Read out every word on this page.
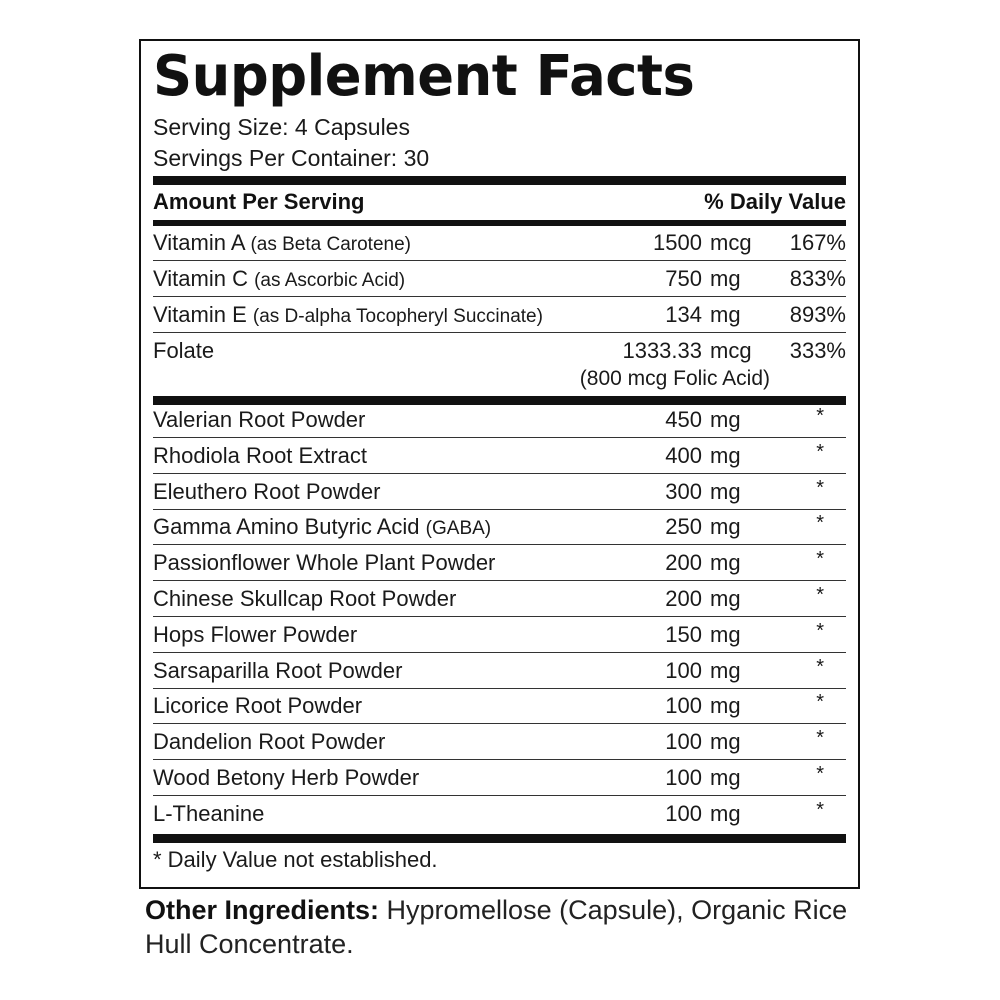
Supplement Facts
Serving Size: 4 Capsules
Servings Per Container: 30
Amount Per Serving	% Daily Value
Vitamin A (as Beta Carotene)	1500 mcg 167%
Vitamin C (as Ascorbic Acid)	750 mg	833%
Vitamin E (as D-alpha Tocopheryl Succinate)	134 mg	893%
Folate	1333.33 mcg 333%
(800 mcg Folic Acid)
Valerian Root Powder	450 mg	*
Rhodiola Root Extract	400 mg	*
Eleuthero Root Powder	300 mg	*
Gamma Amino Butyric Acid (GABA)	250 mg	*
Passionflower Whole Plant Powder	200 mg	*
Chinese Skullcap Root Powder	200 mg	*
Hops Flower Powder	150 mg	*
Sarsaparilla Root Powder	100 mg	*
Licorice Root Powder	100 mg	*
Dandelion Root Powder	100 mg	*
Wood Betony Herb Powder	100 mg	*
L-Theanine	100 mg	*
* Daily Value not established.
Other Ingredients: Hypromellose (Capsule), Organic Rice Hull Concentrate.
